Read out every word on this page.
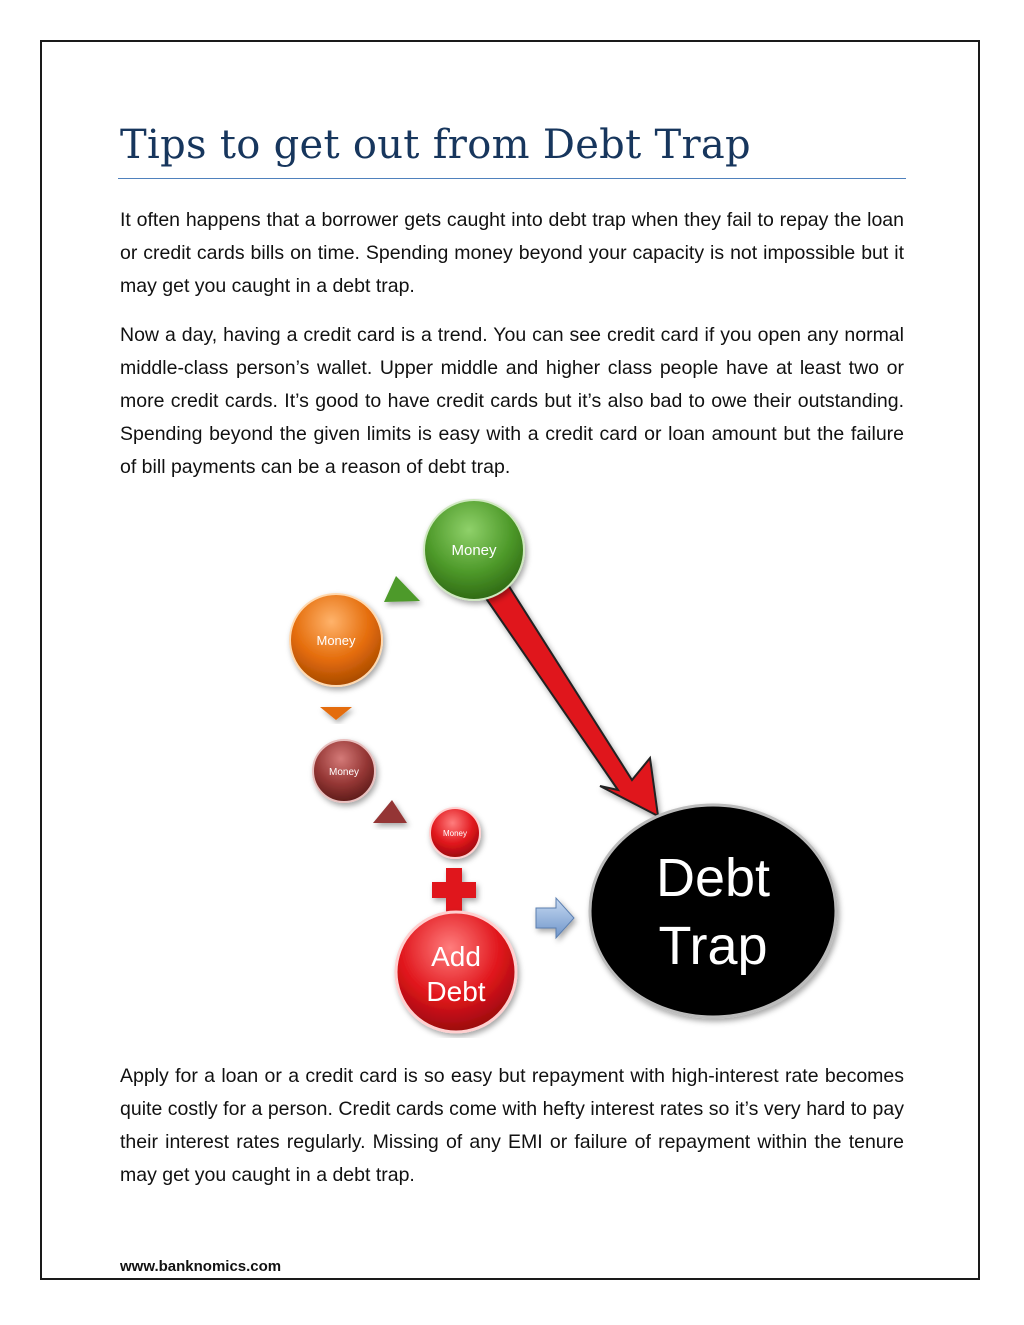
Tips to get out from Debt Trap

It often happens that a borrower gets caught into debt trap when they fail to repay the loan or credit cards bills on time. Spending money beyond your capacity is not impossible but it may get you caught in a debt trap.

Now a day, having a credit card is a trend. You can see credit card if you open any normal middle-class person’s wallet. Upper middle and higher class people have at least two or more credit cards. It’s good to have credit cards but it’s also bad to owe their outstanding. Spending beyond the given limits is easy with a credit card or loan amount but the failure of bill payments can be a reason of debt trap.

Money
Money
Money
Money
Add
Debt
Debt
Trap

Apply for a loan or a credit card is so easy but repayment with high-interest rate becomes quite costly for a person. Credit cards come with hefty interest rates so it’s very hard to pay their interest rates regularly. Missing of any EMI or failure of repayment within the tenure may get you caught in a debt trap.

www.banknomics.com
